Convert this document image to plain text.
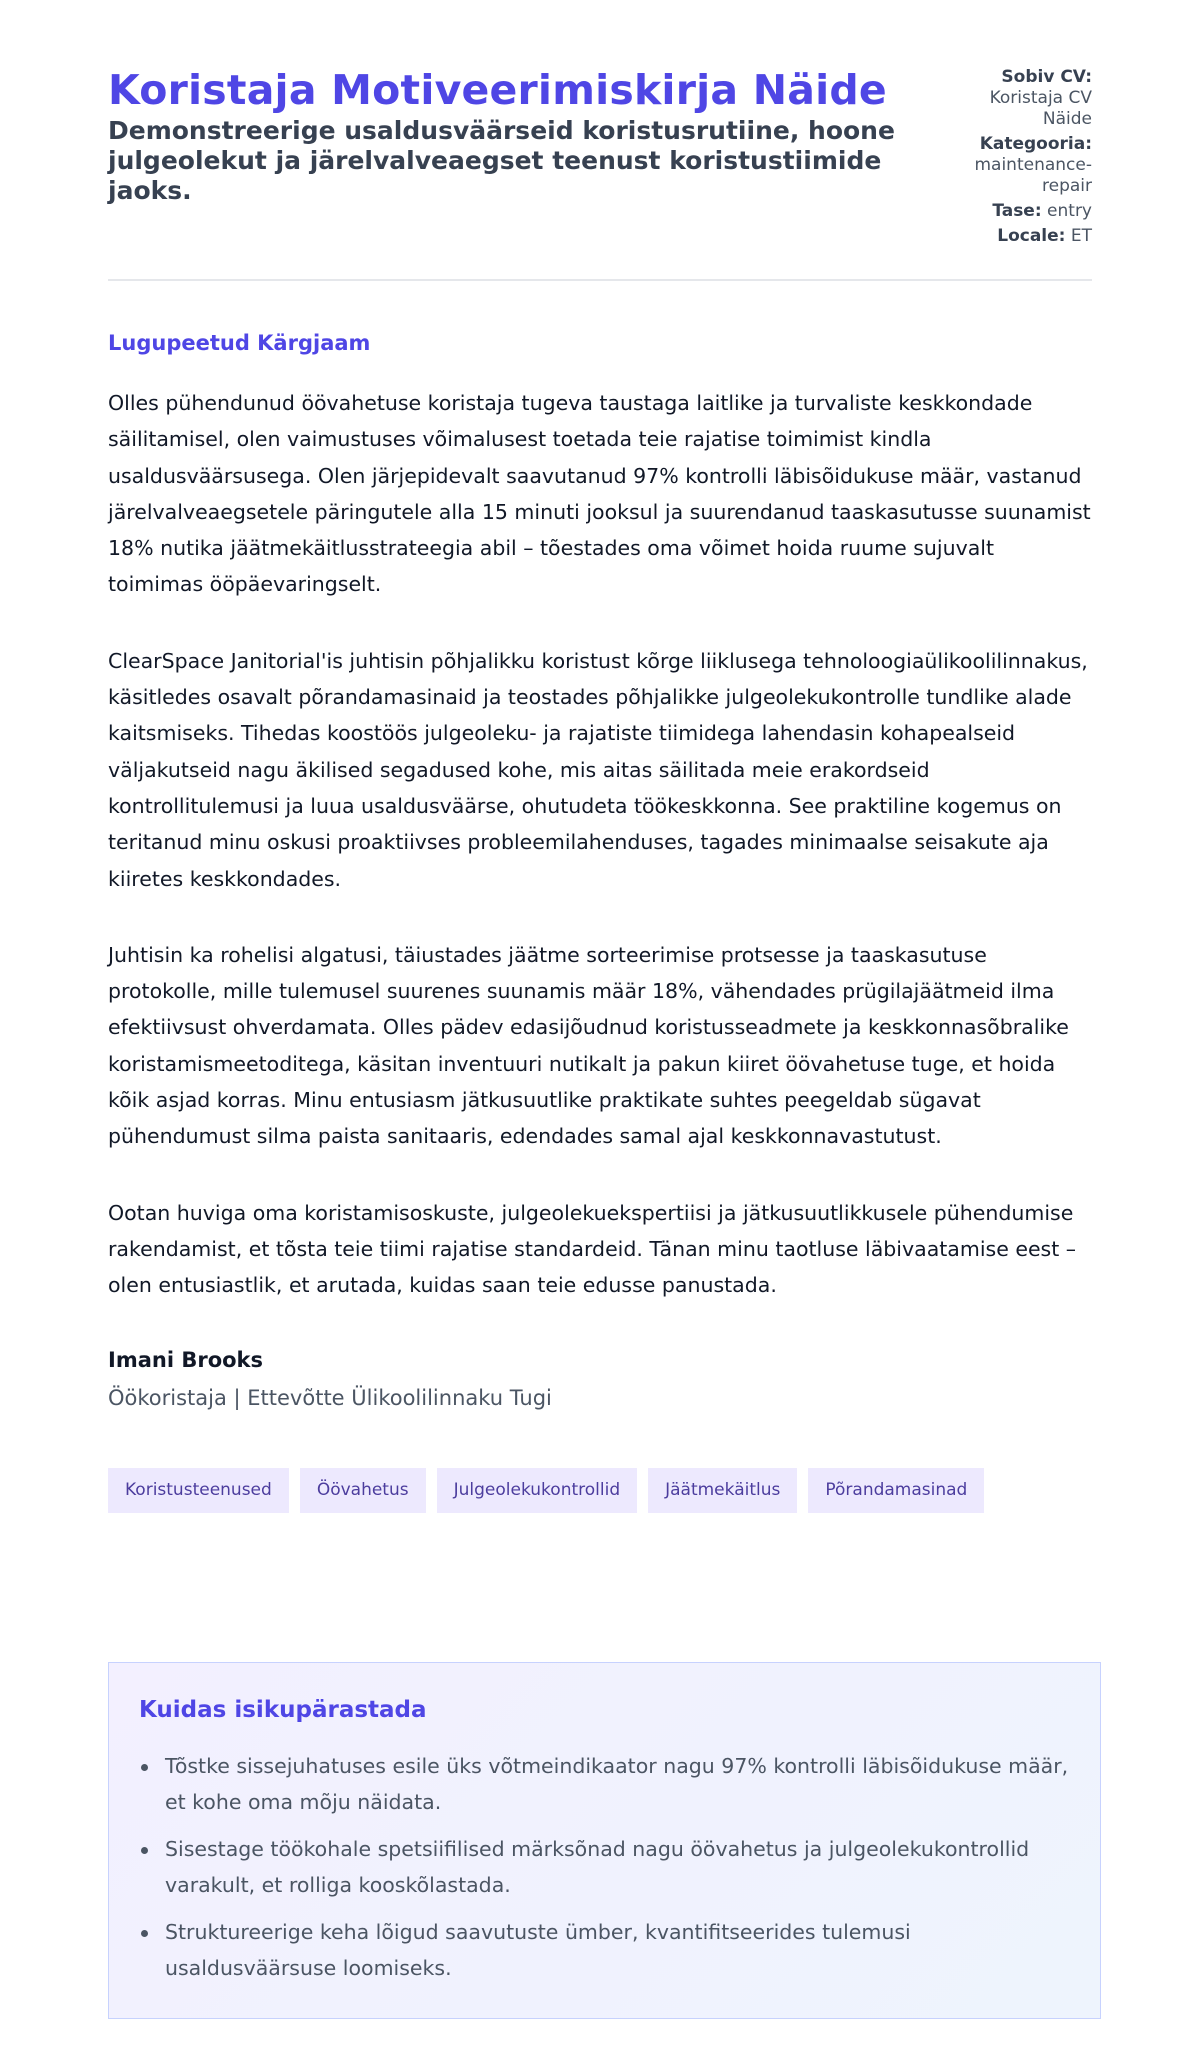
Koristaja Motiveerimiskirja Näide
Demonstreerige usaldusväärseid koristusrutiine, hoone julgeolekut ja järelvalveaegset teenust koristustiimide jaoks.
Sobiv CV:
Koristaja CV Näide
Kategooria:
maintenance-repair
Tase: entry
Locale: ET
Lugupeetud Kärgjaam

Olles pühendunud öövahetuse koristaja tugeva taustaga laitlike ja turvaliste keskkondade säilitamisel, olen vaimustuses võimalusest toetada teie rajatise toimimist kindla usaldusväärsusega. Olen järjepidevalt saavutanud 97% kontrolli läbisõidukuse määr, vastanud järelvalveaegsetele päringutele alla 15 minuti jooksul ja suurendanud taaskasutusse suunamist 18% nutika jäätmekäitlusstrateegia abil – tõestades oma võimet hoida ruume sujuvalt toimimas ööpäevaringselt.

ClearSpace Janitorial'is juhtisin põhjalikku koristust kõrge liiklusega tehnoloogiaülikoolilinnakus, käsitledes osavalt põrandamasinaid ja teostades põhjalikke julgeolekukontrolle tundlike alade kaitsmiseks. Tihedas koostöös julgeoleku- ja rajatiste tiimidega lahendasin kohapealseid väljakutseid nagu äkilised segadused kohe, mis aitas säilitada meie erakordseid kontrollitulemusi ja luua usaldusväärse, ohutudeta töökeskkonna. See praktiline kogemus on teritanud minu oskusi proaktiivses probleemilahenduses, tagades minimaalse seisakute aja kiiretes keskkondades.

Juhtisin ka rohelisi algatusi, täiustades jäätme sorteerimise protsesse ja taaskasutuse protokolle, mille tulemusel suurenes suunamis määr 18%, vähendades prügilajäätmeid ilma efektiivsust ohverdamata. Olles pädev edasijõudnud koristusseadmete ja keskkonnasõbralike koristamismeetoditega, käsitan inventuuri nutikalt ja pakun kiiret öövahetuse tuge, et hoida kõik asjad korras. Minu entusiasm jätkusuutlike praktikate suhtes peegeldab sügavat pühendumust silma paista sanitaaris, edendades samal ajal keskkonnavastutust.

Ootan huviga oma koristamisoskuste, julgeolekuekspertiisi ja jätkusuutlikkusele pühendumise rakendamist, et tõsta teie tiimi rajatise standardeid. Tänan minu taotluse läbivaatamise eest – olen entusiastlik, et arutada, kuidas saan teie edusse panustada.

Imani Brooks
Öökoristaja | Ettevõtte Ülikoolilinnaku Tugi
Koristusteenused	Öövahetus	Julgeolekukontrollid	Jäätmekäitlus	Põrandamasinad
Kuidas isikupärastada
Tõstke sissejuhatuses esile üks võtmeindikaator nagu 97% kontrolli läbisõidukuse määr, et kohe oma mõju näidata.
Sisestage töökohale spetsiifilised märksõnad nagu öövahetus ja julgeolekukontrollid varakult, et rolliga kooskõlastada.
Struktureerige keha lõigud saavutuste ümber, kvantifitseerides tulemusi usaldusväärsuse loomiseks.
